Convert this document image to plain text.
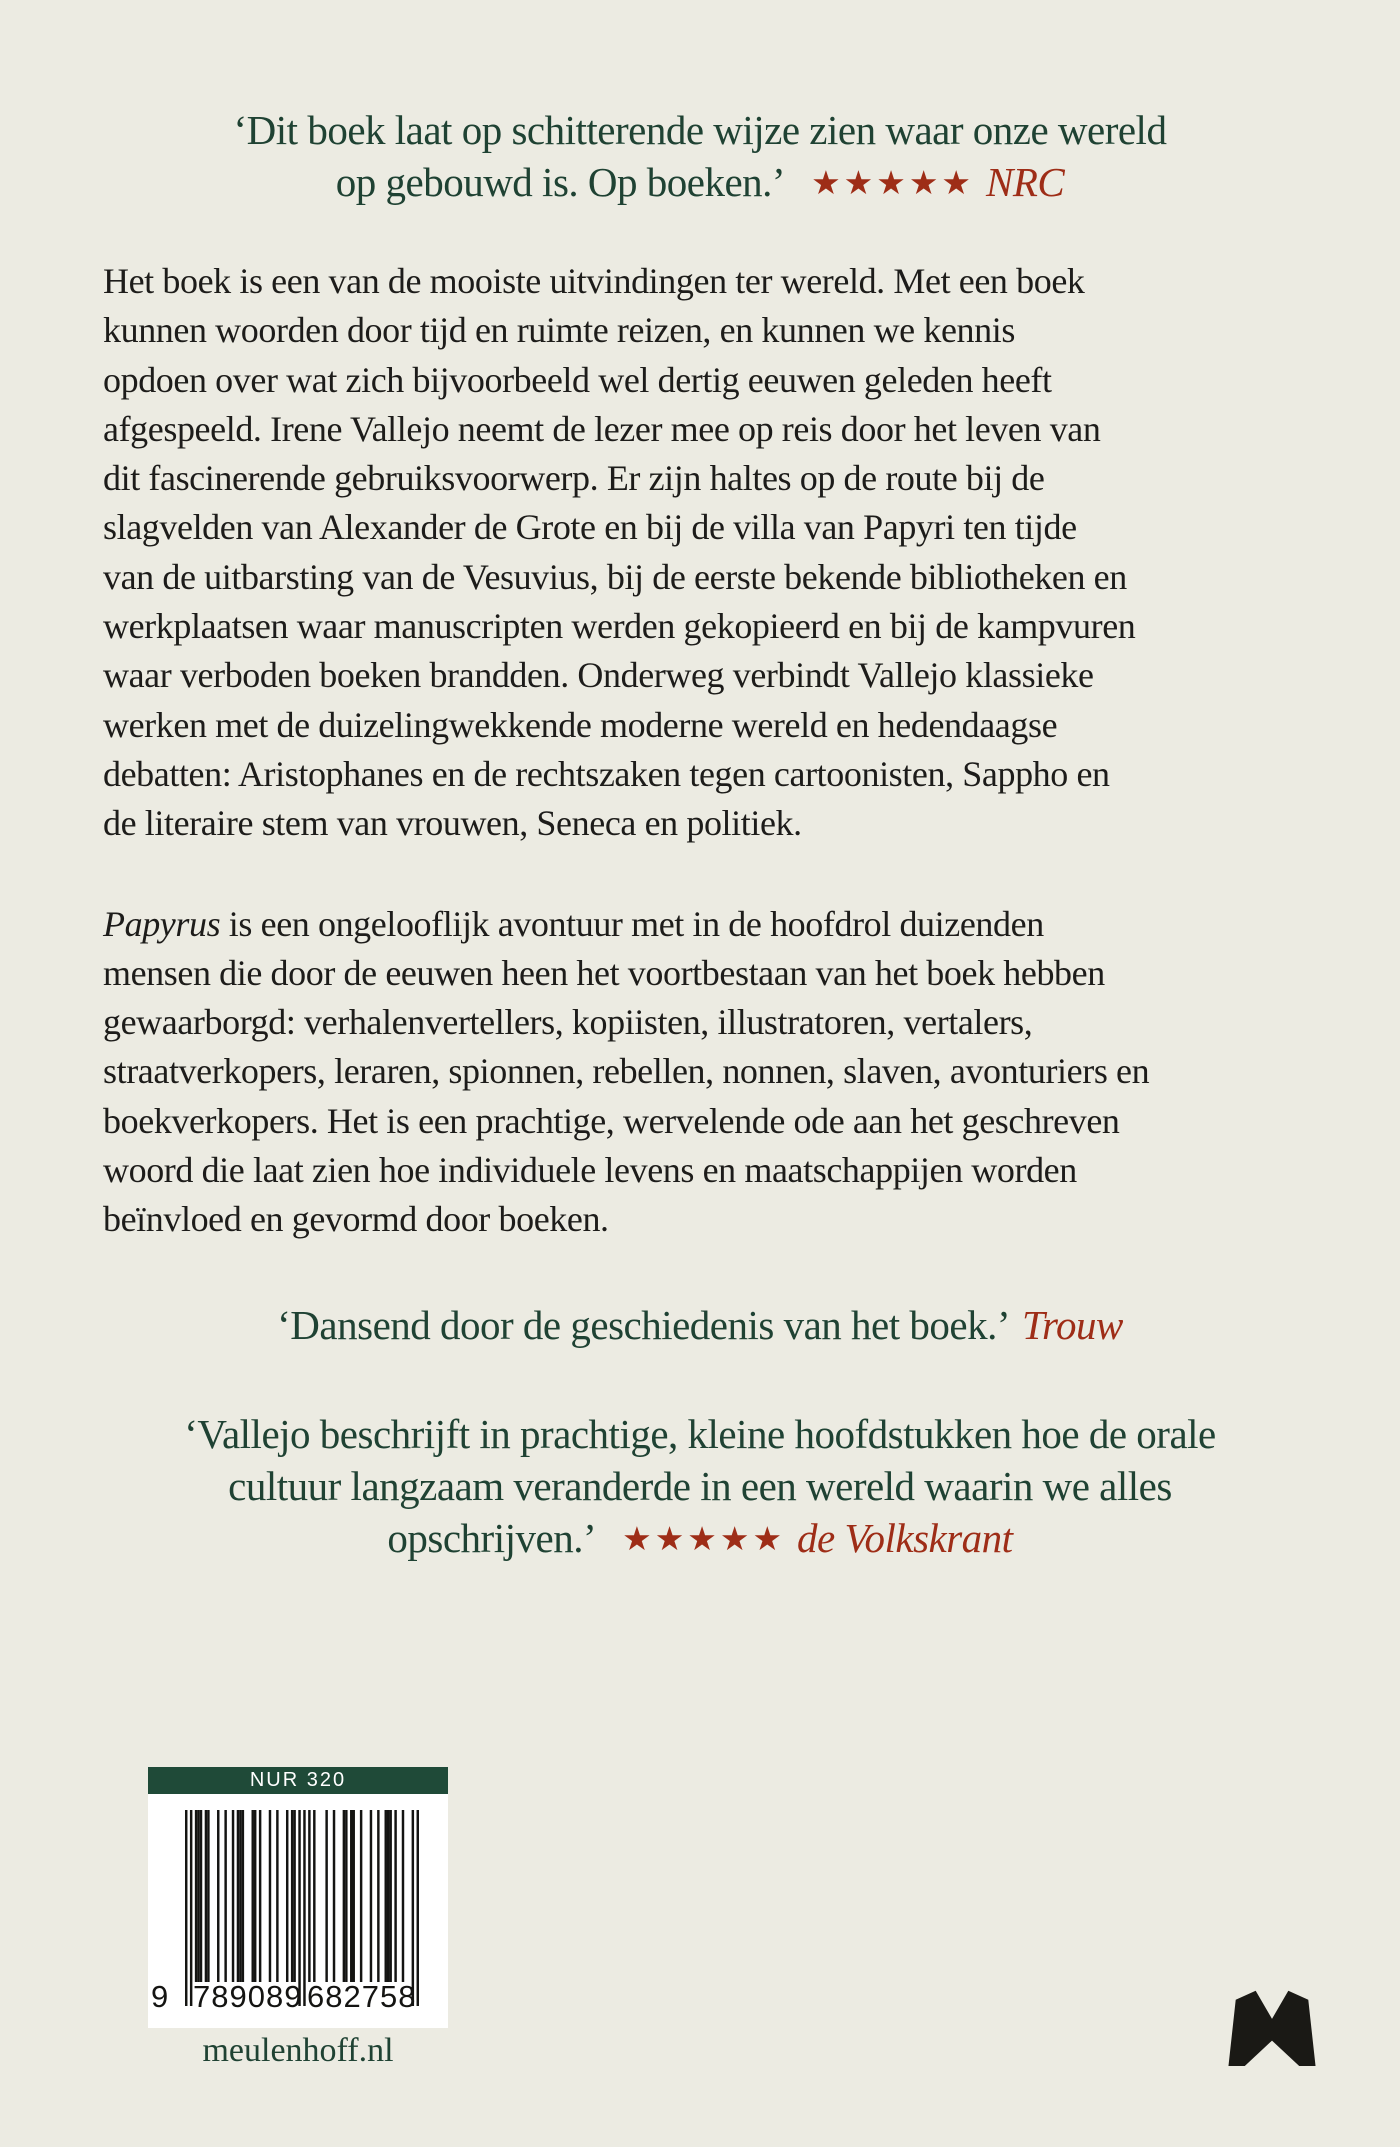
‘Dit boek laat op schitterende wijze zien waar onze wereld
op gebouwd is. Op boeken.’ ★★★★★ NRC
Het boek is een van de mooiste uitvindingen ter wereld. Met een boek
kunnen woorden door tijd en ruimte reizen, en kunnen we kennis
opdoen over wat zich bijvoorbeeld wel dertig eeuwen geleden heeft
afgespeeld. Irene Vallejo neemt de lezer mee op reis door het leven van
dit fascinerende gebruiksvoorwerp. Er zijn haltes op de route bij de
slagvelden van Alexander de Grote en bij de villa van Papyri ten tijde
van de uitbarsting van de Vesuvius, bij de eerste bekende bibliotheken en
werkplaatsen waar manuscripten werden gekopieerd en bij de kampvuren
waar verboden boeken brandden. Onderweg verbindt Vallejo klassieke
werken met de duizelingwekkende moderne wereld en hedendaagse
debatten: Aristophanes en de rechtszaken tegen cartoonisten, Sappho en
de literaire stem van vrouwen, Seneca en politiek.
Papyrus is een ongelooflijk avontuur met in de hoofdrol duizenden
mensen die door de eeuwen heen het voortbestaan van het boek hebben
gewaarborgd: verhalenvertellers, kopiisten, illustratoren, vertalers,
straatverkopers, leraren, spionnen, rebellen, nonnen, slaven, avonturiers en
boekverkopers. Het is een prachtige, wervelende ode aan het geschreven
woord die laat zien hoe individuele levens en maatschappijen worden
beïnvloed en gevormd door boeken.
‘Dansend door de geschiedenis van het boek.’ Trouw
‘Vallejo beschrijft in prachtige, kleine hoofdstukken hoe de orale
cultuur langzaam veranderde in een wereld waarin we alles
opschrijven.’ ★★★★★ de Volkskrant
NUR 320
9 789089 682758
meulenhoff.nl
